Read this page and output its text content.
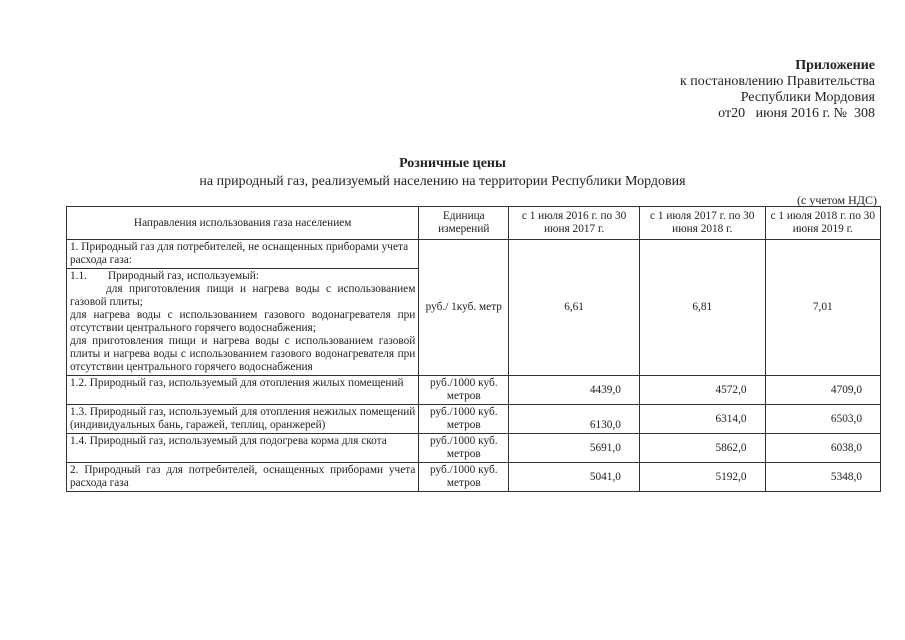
Приложение
к постановлению Правительства
Республики Мордовия
от20 июня 2016 г. № 308
Розничные цены
на природный газ, реализуемый населению на территории Республики Мордовия
(с учетом НДС)
Направления использования газа населением	Единица измерений	с 1 июля 2016 г. по 30 июня 2017 г.	с 1 июля 2017 г. по 30 июня 2018 г.	с 1 июля 2018 г. по 30 июня 2019 г.
1. Природный газ для потребителей, не оснащенных приборами учета расхода газа:	руб./ 1куб. метр	6,61	6,81	7,01

1.1. Природный газ, используемый:
для приготовления пищи и нагрева воды с использованием газовой плиты;
для нагрева воды с использованием газового водонагревателя при отсутствии центрального горячего водоснабжения;
для приготовления пищи и нагрева воды с использованием газовой плиты и нагрева воды с использованием газового водонагревателя при отсутствии центрального горячего водоснабжения				

1.2. Природный газ, используемый для отопления жилых помещений	руб./1000 куб. метров	4439,0	4572,0	4709,0
1.3. Природный газ, используемый для отопления нежилых помещений (индивидуальных бань, гаражей, теплиц, оранжерей)	руб./1000 куб. метров	6130,0	6314,0	6503,0
1.4. Природный газ, используемый для подогрева корма для скота	руб./1000 куб. метров	5691,0	5862,0	6038,0
2. Природный газ для потребителей, оснащенных приборами учета расхода газа	руб./1000 куб. метров	5041,0	5192,0	5348,0
